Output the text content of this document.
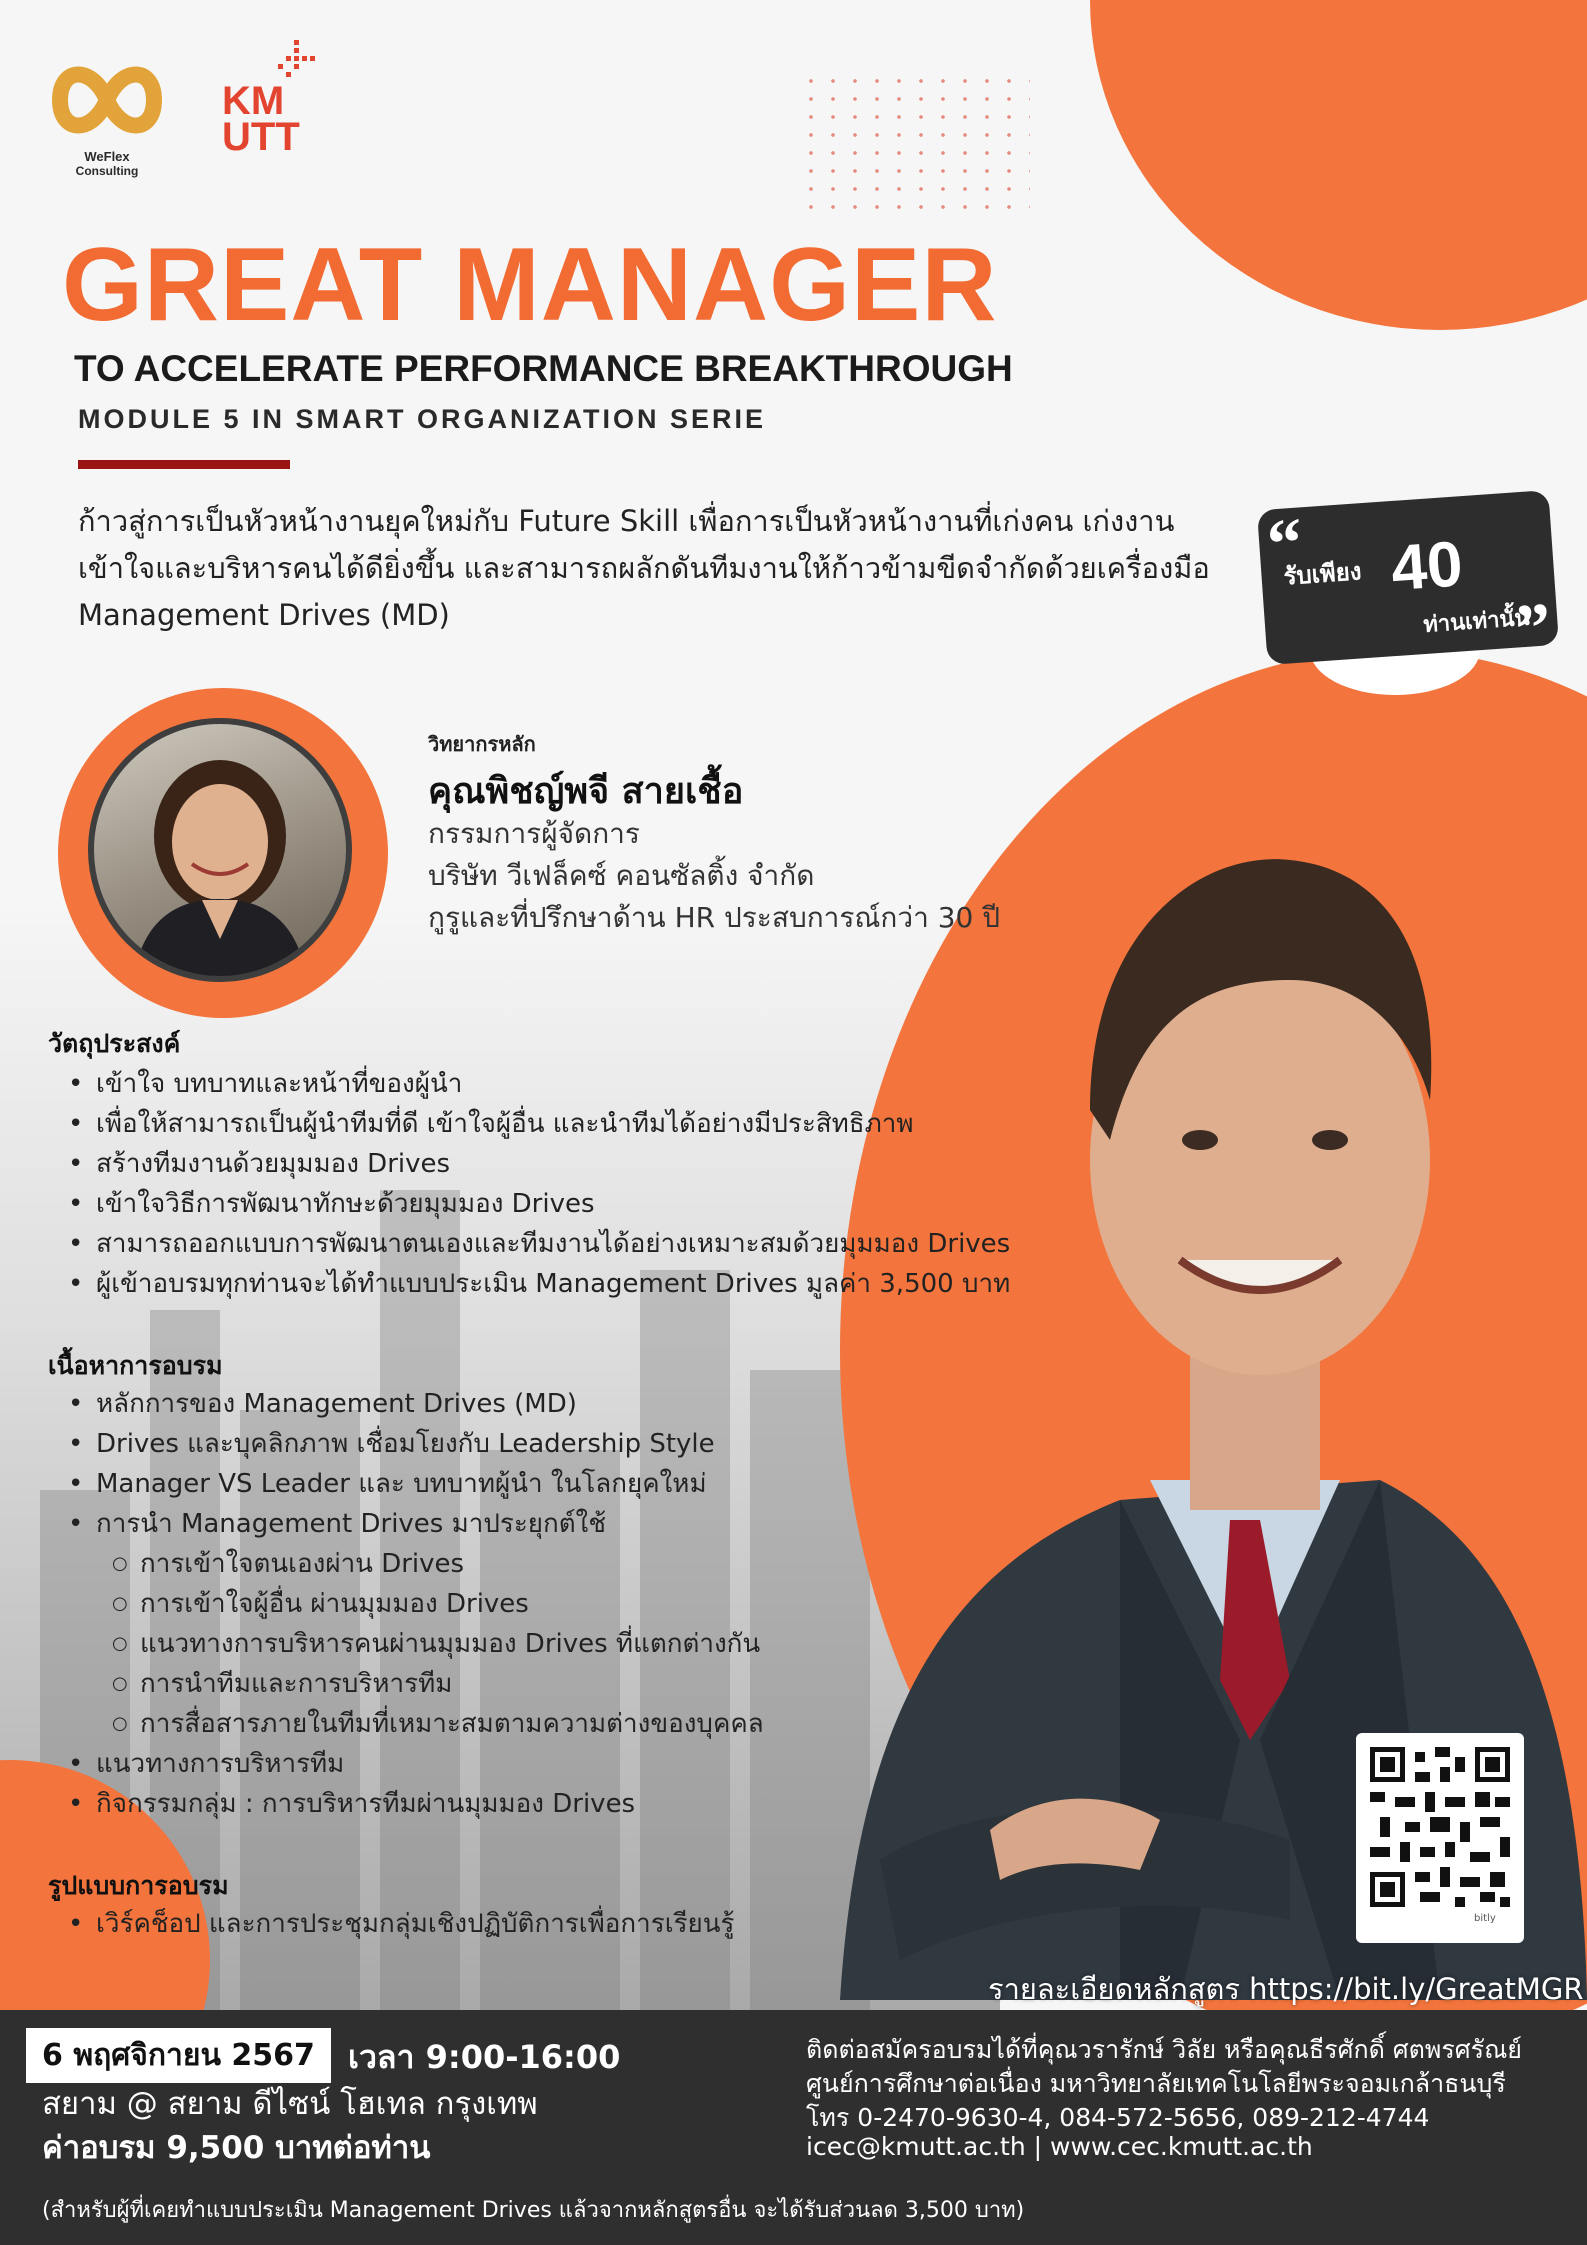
WeFlex
Consulting
KM
UTT
GREAT MANAGER
TO ACCELERATE PERFORMANCE BREAKTHROUGH
MODULE 5 IN SMART ORGANIZATION SERIE
ก้าวสู่การเป็นหัวหน้างานยุคใหม่กับ Future Skill เพื่อการเป็นหัวหน้างานที่เก่งคน เก่งงาน เข้าใจและบริหารคนได้ดียิ่งขึ้น และสามารถผลักดันทีมงานให้ก้าวข้ามขีดจำกัดด้วยเครื่องมือ Management Drives (MD)
“
รับเพียง 40
ท่านเท่านั้น
”
วิทยากรหลัก
คุณพิชญ์พจี สายเชื้อ
กรรมการผู้จัดการ
บริษัท วีเฟล็คซ์ คอนซัลติ้ง จำกัด
กูรูและที่ปรึกษาด้าน HR ประสบการณ์กว่า 30 ปี
วัตถุประสงค์
• เข้าใจ บทบาทและหน้าที่ของผู้นำ
• เพื่อให้สามารถเป็นผู้นำทีมที่ดี เข้าใจผู้อื่น และนำทีมได้อย่างมีประสิทธิภาพ
• สร้างทีมงานด้วยมุมมอง Drives
• เข้าใจวิธีการพัฒนาทักษะด้วยมุมมอง Drives
• สามารถออกแบบการพัฒนาตนเองและทีมงานได้อย่างเหมาะสมด้วยมุมมอง Drives
• ผู้เข้าอบรมทุกท่านจะได้ทำแบบประเมิน Management Drives มูลค่า 3,500 บาท
เนื้อหาการอบรม
• หลักการของ Management Drives (MD)
• Drives และบุคลิกภาพ เชื่อมโยงกับ Leadership Style
• Manager VS Leader และ บทบาทผู้นำ ในโลกยุคใหม่
• การนำ Management Drives มาประยุกต์ใช้
○ การเข้าใจตนเองผ่าน Drives
○ การเข้าใจผู้อื่น ผ่านมุมมอง Drives
○ แนวทางการบริหารคนผ่านมุมมอง Drives ที่แตกต่างกัน
○ การนำทีมและการบริหารทีม
○ การสื่อสารภายในทีมที่เหมาะสมตามความต่างของบุคคล
• แนวทางการบริหารทีม
• กิจกรรมกลุ่ม : การบริหารทีมผ่านมุมมอง Drives
รูปแบบการอบรม
• เวิร์คช็อป และการประชุมกลุ่มเชิงปฏิบัติการเพื่อการเรียนรู้	bitly
รายละเอียดหลักสูตร https://bit.ly/GreatMGR
6 พฤศจิกายน 2567	เวลา 9:00-16:00
สยาม @ สยาม ดีไซน์ โฮเทล กรุงเทพ
ค่าอบรม 9,500 บาทต่อท่าน
ติดต่อสมัครอบรมได้ที่คุณวรารักษ์ วิลัย หรือคุณธีรศักดิ์ ศตพรศรัณย์
ศูนย์การศึกษาต่อเนื่อง มหาวิทยาลัยเทคโนโลยีพระจอมเกล้าธนบุรี
โทร 0-2470-9630-4, 084-572-5656, 089-212-4744
icec@kmutt.ac.th | www.cec.kmutt.ac.th
(สำหรับผู้ที่เคยทำแบบประเมิน Management Drives แล้วจากหลักสูตรอื่น จะได้รับส่วนลด 3,500 บาท)
